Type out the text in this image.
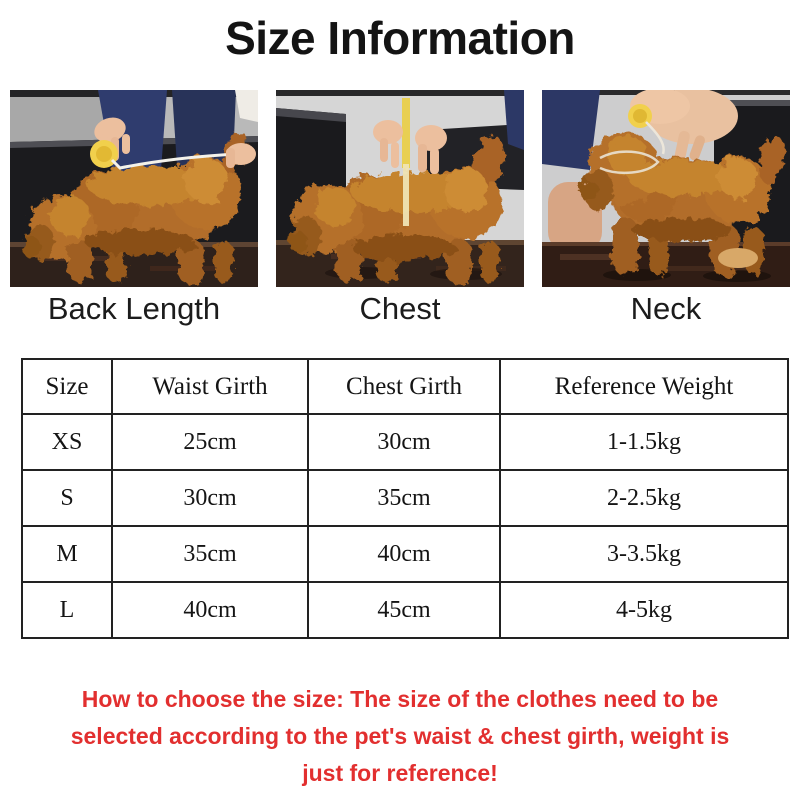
Size Information
Back Length	Chest	Neck
Size	Waist Girth	Chest Girth	Reference Weight
XS	25cm	30cm	1-1.5kg
S	30cm	35cm	2-2.5kg
M	35cm	40cm	3-3.5kg
L	40cm	45cm	4-5kg
How to choose the size: The size of the clothes need to be
selected according to the pet's waist & chest girth, weight is
just for reference!
